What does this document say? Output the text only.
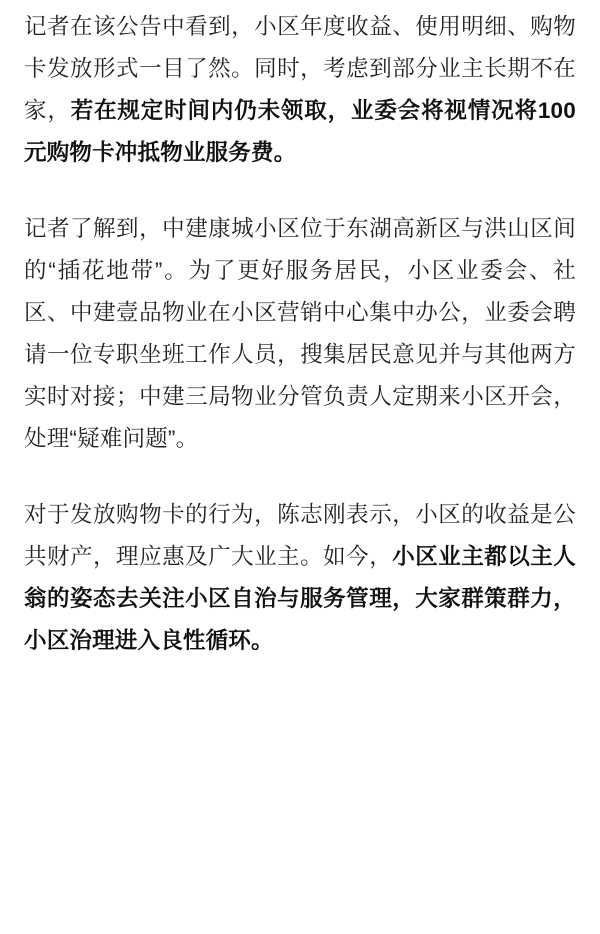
记者在该公告中看到，小区年度收益、使用明细、购物卡发放形式一目了然。同时，考虑到部分业主长期不在家，若在规定时间内仍未领取，业委会将视情况将100元购物卡冲抵物业服务费。

记者了解到，中建康城小区位于东湖高新区与洪山区间的“插花地带”。为了更好服务居民，小区业委会、社区、中建壹品物业在小区营销中心集中办公，业委会聘请一位专职坐班工作人员，搜集居民意见并与其他两方实时对接；中建三局物业分管负责人定期来小区开会，处理“疑难问题”。

对于发放购物卡的行为，陈志刚表示，小区的收益是公共财产，理应惠及广大业主。如今，小区业主都以主人翁的姿态去关注小区自治与服务管理，大家群策群力，小区治理进入良性循环。
